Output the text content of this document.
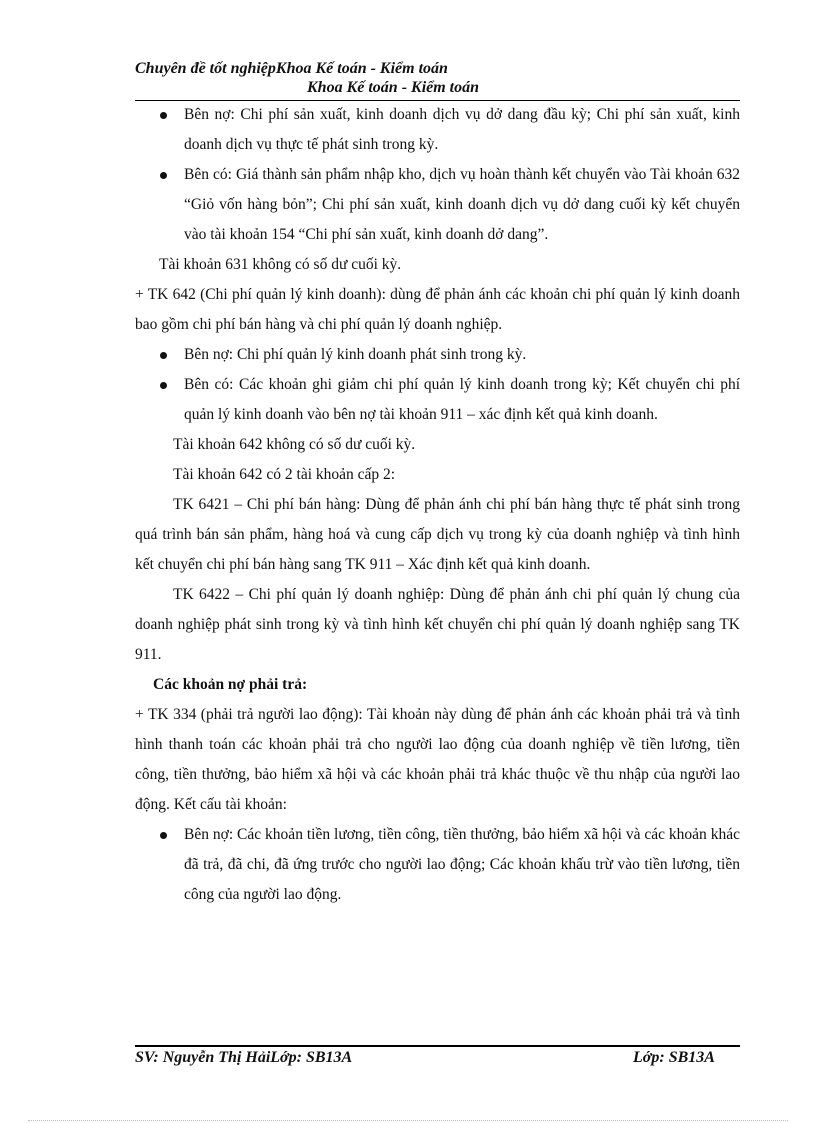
Chuyên đề tốt nghiệpKhoa Kế toán - Kiểm toán
Khoa Kế toán - Kiểm toán
Bên nợ: Chi phí sản xuất, kinh doanh dịch vụ dở dang đầu kỳ; Chi phí sản xuất, kinh doanh dịch vụ thực tế phát sinh trong kỳ.
Bên có: Giá thành sản phẩm nhập kho, dịch vụ hoàn thành kết chuyển vào Tài khoản 632 “Giỏ vốn hàng bỏn”; Chi phí sản xuất, kinh doanh dịch vụ dở dang cuối kỳ kết chuyển vào tài khoản 154 “Chi phí sản xuất, kinh doanh dở dang”.

Tài khoản 631 không có số dư cuối kỳ.

+ TK 642 (Chi phí quản lý kinh doanh): dùng để phản ánh các khoản chi phí quản lý kinh doanh bao gồm chi phí bán hàng và chi phí quản lý doanh nghiệp.

Bên nợ: Chi phí quản lý kinh doanh phát sinh trong kỳ.
Bên có: Các khoản ghi giảm chi phí quản lý kinh doanh trong kỳ; Kết chuyển chi phí quản lý kinh doanh vào bên nợ tài khoản 911 – xác định kết quả kinh doanh.

Tài khoản 642 không có số dư cuối kỳ.

Tài khoản 642 có 2 tài khoản cấp 2:

TK 6421 – Chi phí bán hàng: Dùng để phản ánh chi phí bán hàng thực tế phát sinh trong quá trình bán sản phẩm, hàng hoá và cung cấp dịch vụ trong kỳ của doanh nghiệp và tình hình kết chuyển chi phí bán hàng sang TK 911 – Xác định kết quả kinh doanh.

TK 6422 – Chi phí quản lý doanh nghiệp: Dùng để phản ánh chi phí quản lý chung của doanh nghiệp phát sinh trong kỳ và tình hình kết chuyển chi phí quản lý doanh nghiệp sang TK 911.

Các khoản nợ phải trả:

+ TK 334 (phải trả người lao động): Tài khoản này dùng để phản ánh các khoản phải trả và tình hình thanh toán các khoản phải trả cho người lao động của doanh nghiệp về tiền lương, tiền công, tiền thưởng, bảo hiểm xã hội và các khoản phải trả khác thuộc về thu nhập của người lao động. Kết cấu tài khoản:

Bên nợ: Các khoản tiền lương, tiền công, tiền thưởng, bảo hiểm xã hội và các khoản khác đã trả, đã chi, đã ứng trước cho người lao động; Các khoản khấu trừ vào tiền lương, tiền công của người lao động.
SV: Nguyễn Thị HảiLớp: SB13A	Lớp: SB13A
